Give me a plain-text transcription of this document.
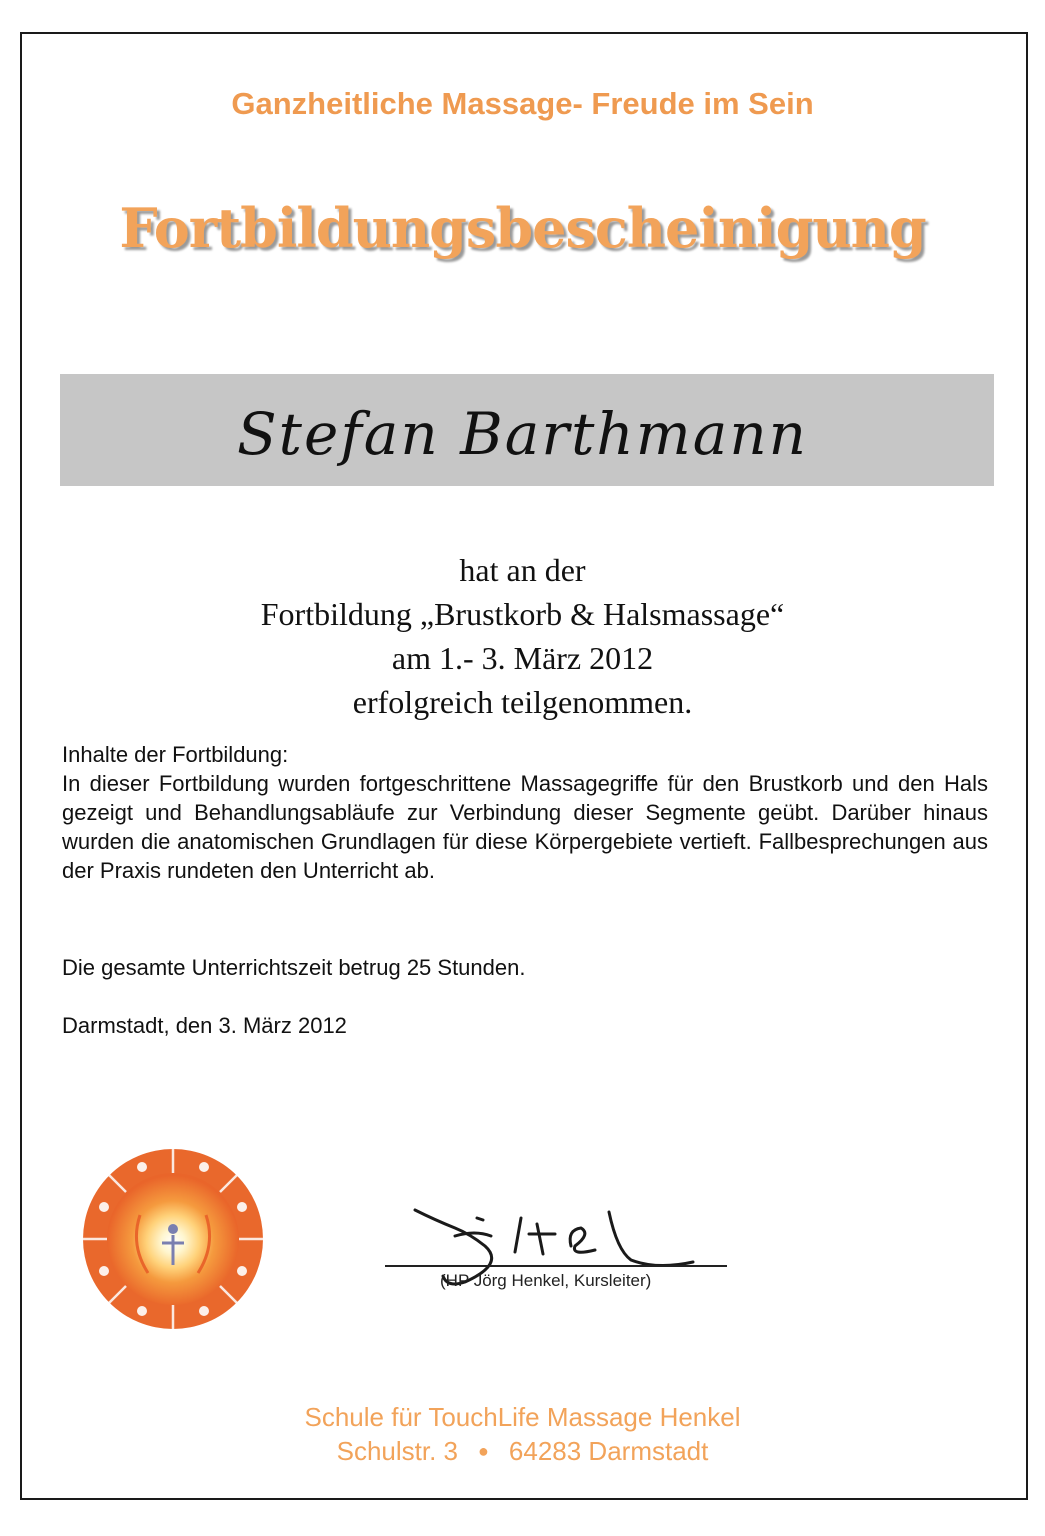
Ganzheitliche Massage- Freude im Sein
Fortbildungsbescheinigung
Stefan Barthmann
hat an der
Fortbildung „Brustkorb & Halsmassage“
am 1.- 3. März 2012
erfolgreich teilgenommen.

Inhalte der Fortbildung:

In dieser Fortbildung wurden fortgeschrittene Massagegriffe für den Brustkorb und den Hals gezeigt und Behandlungsabläufe zur Verbindung dieser Segmente geübt. Darüber hinaus wurden die anatomischen Grundlagen für diese Körpergebiete vertieft. Fallbesprechungen aus der Praxis rundeten den Unterricht ab.

Die gesamte Unterrichtszeit betrug 25 Stunden.
Darmstadt, den 3. März 2012
(HP Jörg Henkel, Kursleiter)
Schule für TouchLife Massage Henkel
Schulstr. 3 ● 64283 Darmstadt
